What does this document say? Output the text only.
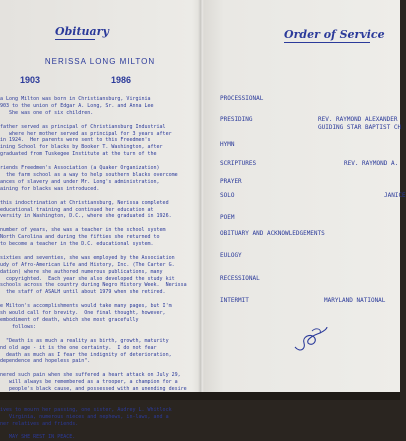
Obituary
NERISSA LONG MILTON
1903	1986
a Long Milton was born in Christiansburg, Virginia
903 to the union of Edgar A. Long, Sr. and Anna Lee
She was one of six children.

father served as principal of Christiansburg Industrial
where her mother served as principal for 3 years after
in 1924.  Her parents were sent to this Freedmen's
ining School for blacks by Booker T. Washington, after
graduated from Tuskegee Institute at the turn of the

riends Freedmen's Association (a Quaker Organization)
the farm school as a way to help southern blacks overcome
ances of slavery and under Mr. Long's administration,
aining for blacks was introduced.

this indoctrination at Christiansburg, Nerissa completed
educational training and continued her education at
versity in Washington, D.C., where she graduated in 1926.

number of years, she was a teacher in the school system
North Carolina and during the fifties she returned to
to become a teacher in the D.C. educational system.

sixties and seventies, she was employed by the Association
udy of Afro-American Life and History, Inc. (The Carter G.
dation) where she authored numerous publications, many
copyrighted.  Each year she also developed the study kit
schools across the country during Negro History Week.  Nerissa
the staff of ASALH until about 1979 when she retired.

e Milton's accomplishments would take many pages, but I'm
sh would call for brevity.  One final thought, however,
embodiment of death, which she most gracefully
follows:

"Death is as much a reality as birth, growth, maturity
nd old age - it is the one certainty.  I do not fear
death as much as I fear the indignity of deterioration,
dependence and hopeless pain".

nered such pain when she suffered a heart attack on July 29,
will always be remembered as a trooper, a champion for a
people's black cause, and possessed with an unending desire

ives to mourn her passing, one sister, Audrey L. Whitlock
Virginia, numerous nieces and nephews, in-laws, and a
ner relatives and friends.

MAY SHE REST IN PEACE.
Order of Service
PROCESSIONAL
PRESIDING	REV. RAYMOND ALEXANDER
GUIDING STAR BAPTIST CH
HYMN
SCRIPTURES	REV. RAYMOND A.
PRAYER
SOLO	JANICE
POEM
OBITUARY AND ACKNOWLEDGEMENTS
EULOGY
RECESSIONAL
INTERMIT	MARYLAND NATIONAL
